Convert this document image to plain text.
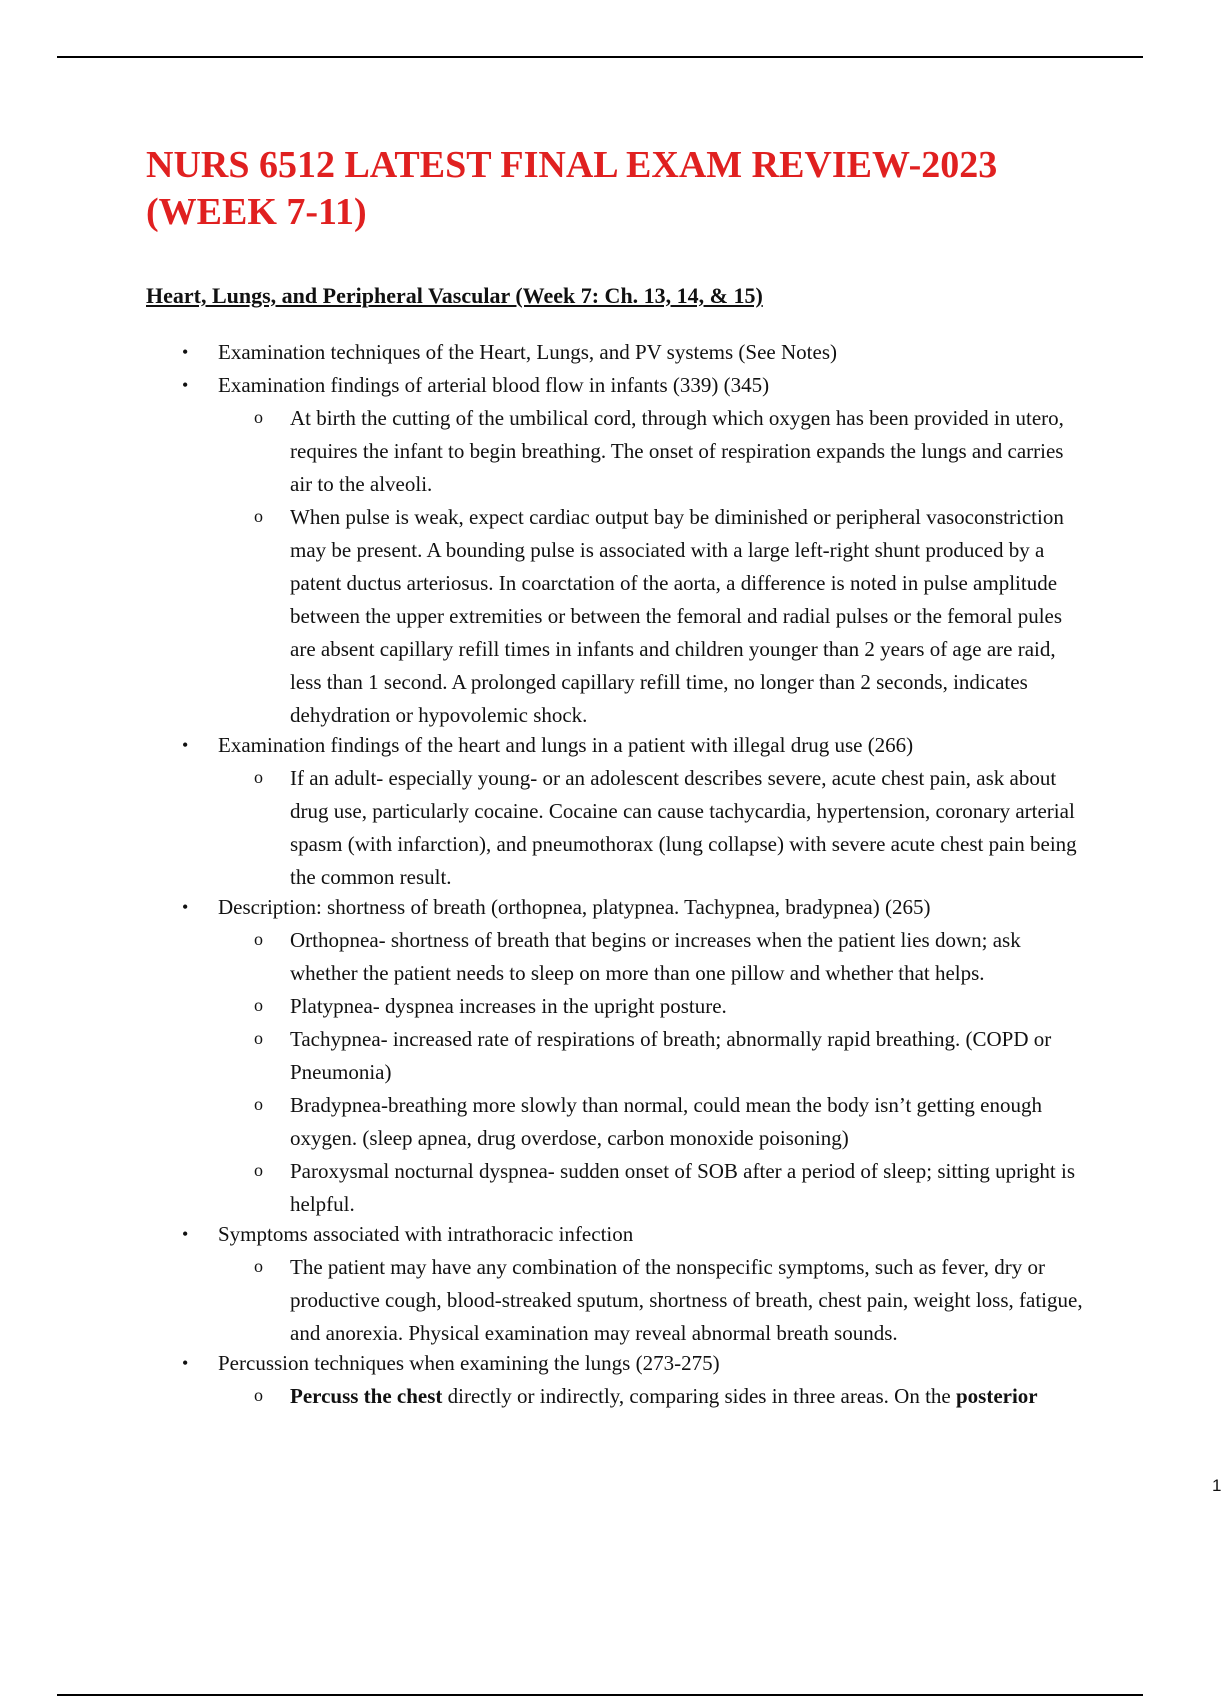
NURS 6512 LATEST FINAL EXAM REVIEW-2023 (WEEK 7-11)
Heart, Lungs, and Peripheral Vascular (Week 7: Ch. 13, 14, & 15)
• Examination techniques of the Heart, Lungs, and PV systems (See Notes)
• Examination findings of arterial blood flow in infants (339) (345)
o At birth the cutting of the umbilical cord, through which oxygen has been provided in utero, requires the infant to begin breathing. The onset of respiration expands the lungs and carries air to the alveoli.
o When pulse is weak, expect cardiac output bay be diminished or peripheral vasoconstriction may be present. A bounding pulse is associated with a large left-right shunt produced by a patent ductus arteriosus. In coarctation of the aorta, a difference is noted in pulse amplitude between the upper extremities or between the femoral and radial pulses or the femoral pules are absent capillary refill times in infants and children younger than 2 years of age are raid, less than 1 second. A prolonged capillary refill time, no longer than 2 seconds, indicates dehydration or hypovolemic shock.
• Examination findings of the heart and lungs in a patient with illegal drug use (266)
o If an adult- especially young- or an adolescent describes severe, acute chest pain, ask about drug use, particularly cocaine. Cocaine can cause tachycardia, hypertension, coronary arterial spasm (with infarction), and pneumothorax (lung collapse) with severe acute chest pain being the common result.
• Description: shortness of breath (orthopnea, platypnea. Tachypnea, bradypnea) (265)
o Orthopnea- shortness of breath that begins or increases when the patient lies down; ask whether the patient needs to sleep on more than one pillow and whether that helps.
o Platypnea- dyspnea increases in the upright posture.
o Tachypnea- increased rate of respirations of breath; abnormally rapid breathing. (COPD or Pneumonia)
o Bradypnea-breathing more slowly than normal, could mean the body isn’t getting enough oxygen. (sleep apnea, drug overdose, carbon monoxide poisoning)
o Paroxysmal nocturnal dyspnea- sudden onset of SOB after a period of sleep; sitting upright is helpful.
• Symptoms associated with intrathoracic infection
o The patient may have any combination of the nonspecific symptoms, such as fever, dry or productive cough, blood-streaked sputum, shortness of breath, chest pain, weight loss, fatigue, and anorexia. Physical examination may reveal abnormal breath sounds.
• Percussion techniques when examining the lungs (273-275)
o Percuss the chest directly or indirectly, comparing sides in three areas. On the posterior
1
